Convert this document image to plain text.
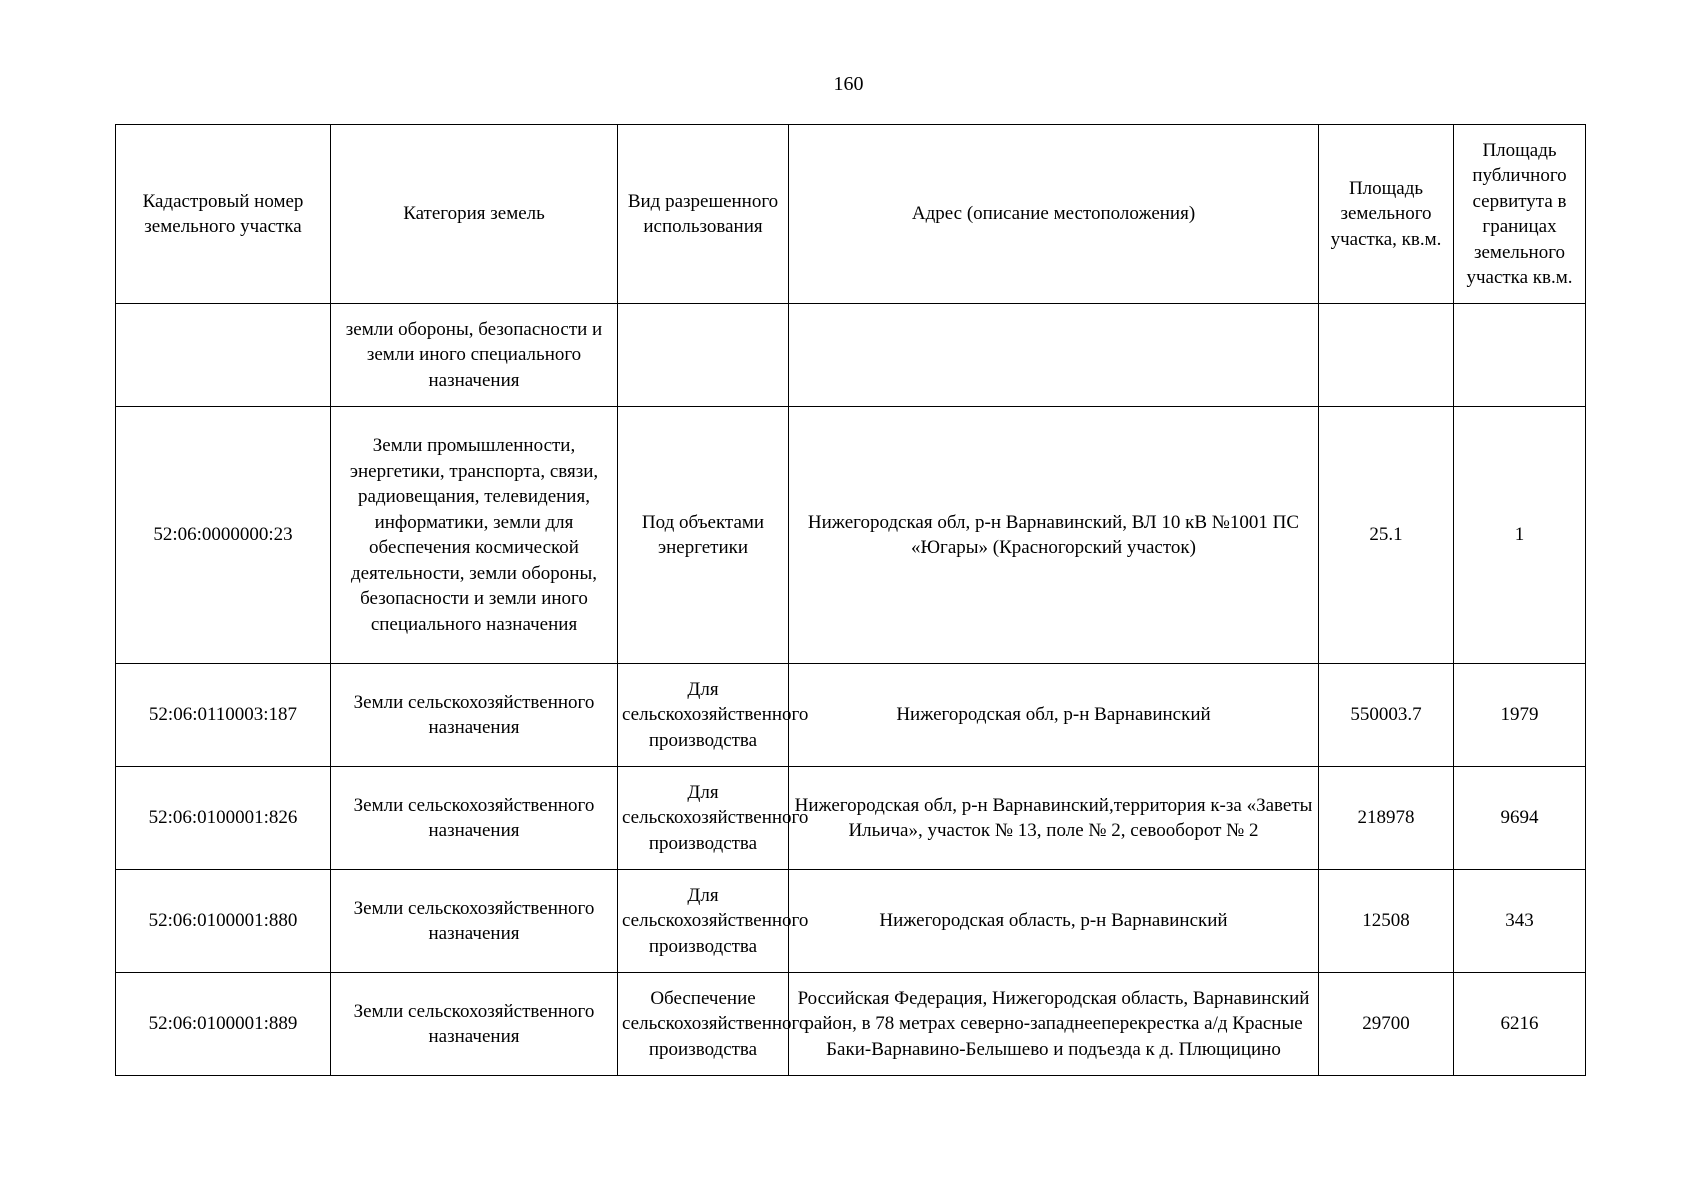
160
Кадастровый номер земельного участка	Категория земель	Вид разрешенного использования	Адрес (описание местоположения)	Площадь земельного участка, кв.м.	Площадь публичного сервитута в границах земельного участка кв.м.
	земли обороны, безопасности и земли иного специального назначения				
52:06:0000000:23	Земли промышленности, энергетики, транспорта, связи, радиовещания, телевидения, информатики, земли для обеспечения космической деятельности, земли обороны, безопасности и земли иного специального назначения	Под объектами энергетики	Нижегородская обл, р-н Варнавинский, ВЛ 10 кВ №1001 ПС «Югары» (Красногорский участок)	25.1	1
52:06:0110003:187	Земли сельскохозяйственного назначения	Для сельскохозяйственного производства	Нижегородская обл, р-н Варнавинский	550003.7	1979
52:06:0100001:826	Земли сельскохозяйственного назначения	Для сельскохозяйственного производства	Нижегородская обл, р-н Варнавинский,территория к-за «Заветы Ильича», участок № 13, поле № 2, севооборот № 2	218978	9694
52:06:0100001:880	Земли сельскохозяйственного назначения	Для сельскохозяйственного производства	Нижегородская область, р-н Варнавинский	12508	343
52:06:0100001:889	Земли сельскохозяйственного назначения	Обеспечение сельскохозяйственного производства	Российская Федерация, Нижегородская область, Варнавинский район, в 78 метрах северно-западнееперекрестка а/д Красные Баки-Варнавино-Белышево и подъезда к д. Плющицино	29700	6216
